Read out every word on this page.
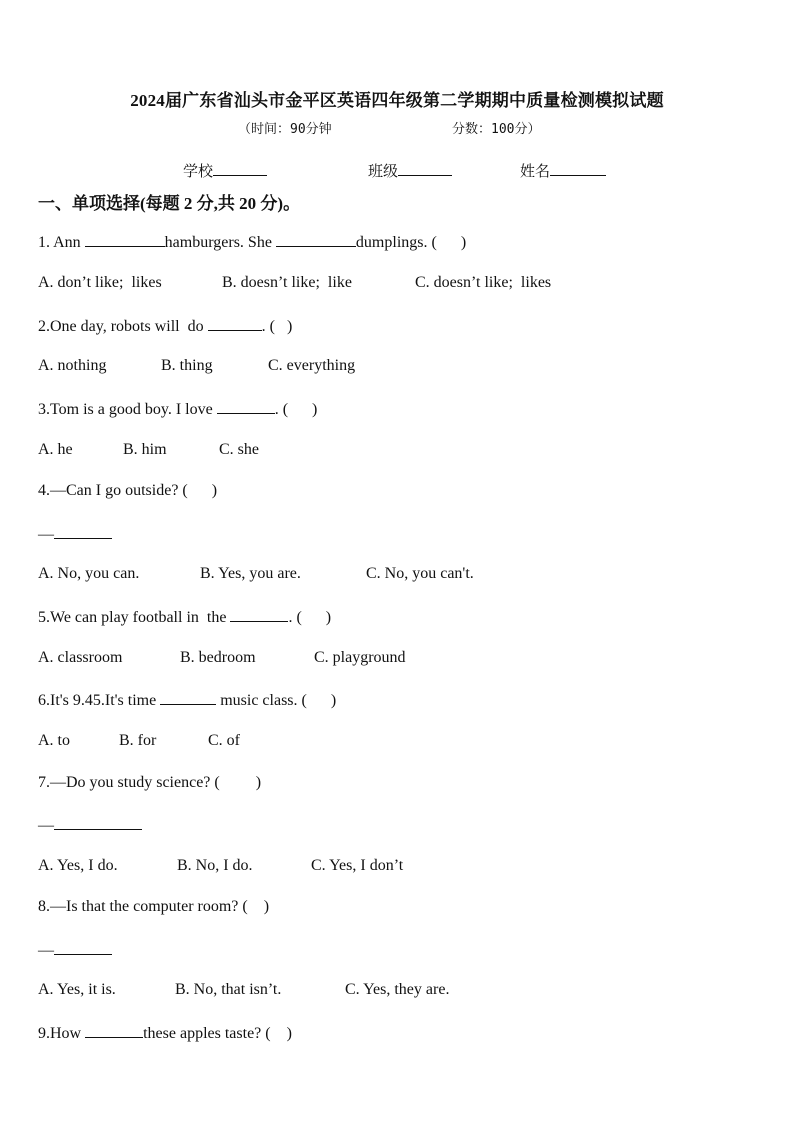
2024届广东省汕头市金平区英语四年级第二学期期中质量检测模拟试题
（时间：90分钟	分数：100分）
学校	班级	姓名
一、单项选择(每题 2 分,共 20 分)。
1. Ann	hamburgers. She	dumplings. (      )
A. don’t like;  likes	B. doesn’t like;  like	C. doesn’t like;  likes
2.One day, robots will  do	. (   )
A. nothing	B. thing	C. everything
3.Tom is a good boy. I love	. (      )
A. he	B. him	C. she
4.—Can I go outside? (      )
—
A. No, you can.	B. Yes, you are.	C. No, you can't.
5.We can play football in  the	. (      )
A. classroom	B. bedroom	C. playground
6.It's 9.45.It's time	music class. (      )
A. to	B. for	C. of
7.—Do you study science? (         )
—
A. Yes, I do.	B. No, I do.	C. Yes, I don’t
8.—Is that the computer room? (    )
—
A. Yes, it is.	B. No, that isn’t.	C. Yes, they are.
9.How	these apples taste? (    )
